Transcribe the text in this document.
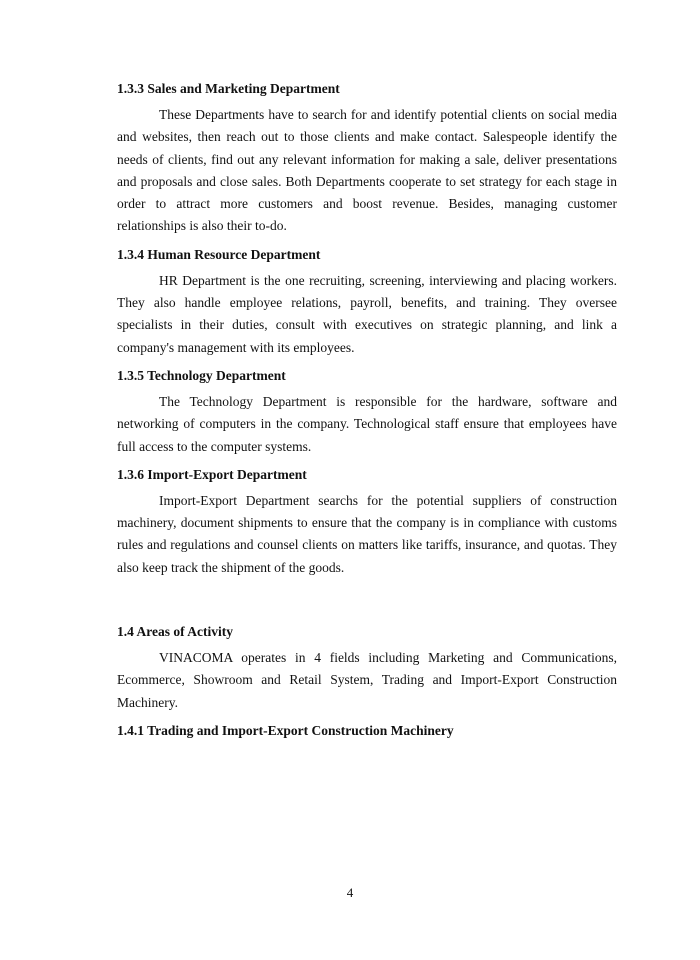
1.3.3 Sales and Marketing Department

These Departments have to search for and identify potential clients on social media and websites, then reach out to those clients and make contact. Salespeople identify the needs of clients, find out any relevant information for making a sale, deliver presentations and proposals and close sales. Both Departments cooperate to set strategy for each stage in order to attract more customers and boost revenue. Besides, managing customer relationships is also their to-do.

1.3.4 Human Resource Department

HR Department is the one recruiting, screening, interviewing and placing workers. They also handle employee relations, payroll, benefits, and training. They oversee specialists in their duties, consult with executives on strategic planning, and link a company's management with its employees.

1.3.5 Technology Department

The Technology Department is responsible for the hardware, software and networking of computers in the company. Technological staff ensure that employees have full access to the computer systems.

1.3.6 Import-Export Department

Import-Export Department searchs for the potential suppliers of construction machinery, document shipments to ensure that the company is in compliance with customs rules and regulations and counsel clients on matters like tariffs, insurance, and quotas. They also keep track the shipment of the goods.

1.4 Areas of Activity

VINACOMA operates in 4 fields including Marketing and Communications, Ecommerce, Showroom and Retail System, Trading and Import-Export Construction Machinery.

1.4.1 Trading and Import-Export Construction Machinery
4
